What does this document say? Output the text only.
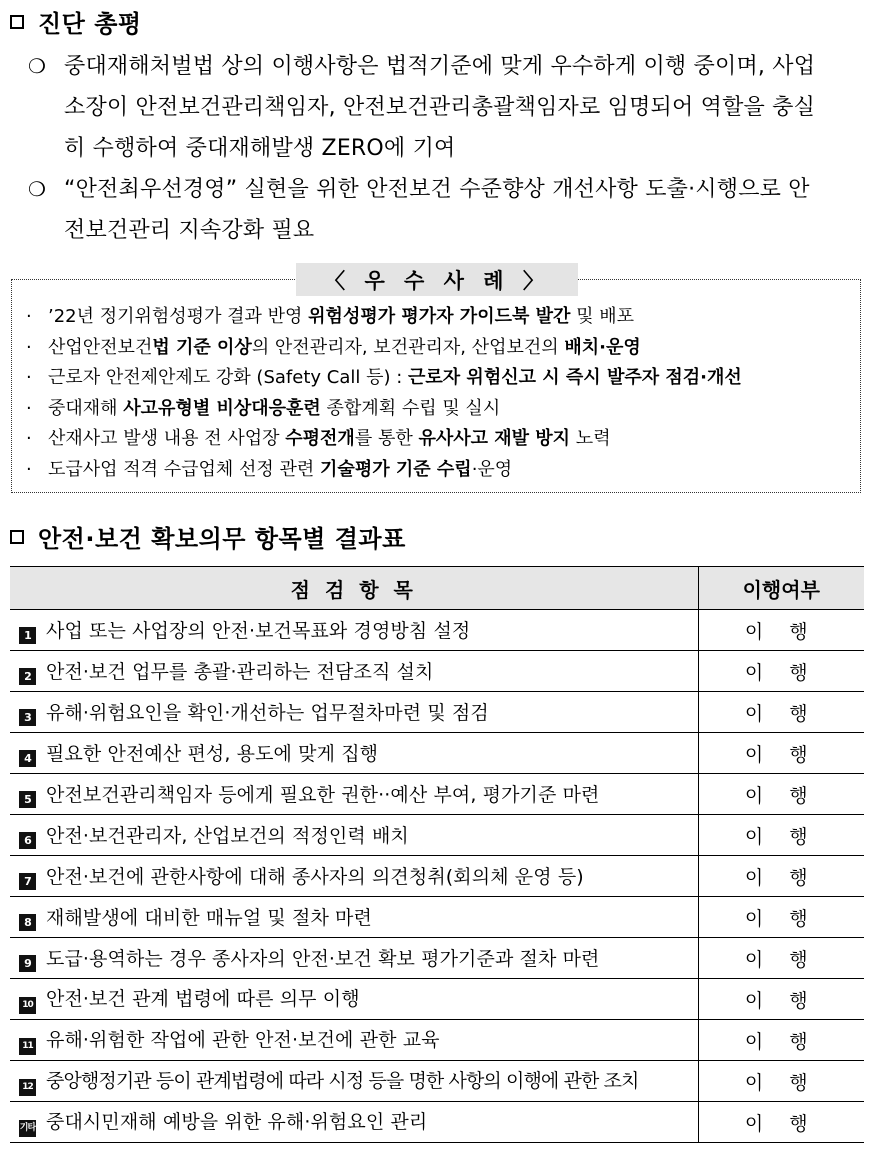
진단 총평
❍ 중대재해처벌법 상의 이행사항은 법적기준에 맞게 우수하게 이행 중이며, 사업
소장이 안전보건관리책임자, 안전보건관리총괄책임자로 임명되어 역할을 충실
히 수행하여 중대재해발생 ZERO에 기여
❍ “안전최우선경영” 실현을 위한 안전보건 수준향상 개선사항 도출·시행으로 안
전보건관리 지속강화 필요
〈 우 수 사 례 〉
· ’22년 정기위험성평가 결과 반영 위험성평가 평가자 가이드북 발간 및 배포
· 산업안전보건법 기준 이상의 안전관리자, 보건관리자, 산업보건의 배치·운영
· 근로자 안전제안제도 강화 (Safety Call 등) : 근로자 위험신고 시 즉시 발주자 점검·개선
· 중대재해 사고유형별 비상대응훈련 종합계획 수립 및 실시
· 산재사고 발생 내용 전 사업장 수평전개를 통한 유사사고 재발 방지 노력
· 도급사업 적격 수급업체 선정 관련 기술평가 기준 수립·운영
안전·보건 확보의무 항목별 결과표
점 검 항 목	이행여부
1 사업 또는 사업장의 안전·보건목표와 경영방침 설정	이 행
2 안전·보건 업무를 총괄·관리하는 전담조직 설치	이 행
3 유해·위험요인을 확인·개선하는 업무절차마련 및 점검	이 행
4 필요한 안전예산 편성, 용도에 맞게 집행	이 행
5 안전보건관리책임자 등에게 필요한 권한··예산 부여, 평가기준 마련	이 행
6 안전·보건관리자, 산업보건의 적정인력 배치	이 행
7 안전·보건에 관한사항에 대해 종사자의 의견청취(회의체 운영 등)	이 행
8 재해발생에 대비한 매뉴얼 및 절차 마련	이 행
9 도급·용역하는 경우 종사자의 안전·보건 확보 평가기준과 절차 마련	이 행
10 안전·보건 관계 법령에 따른 의무 이행	이 행
11 유해·위험한 작업에 관한 안전·보건에 관한 교육	이 행
12 중앙행정기관 등이 관계법령에 따라 시정 등을 명한 사항의 이행에 관한 조치	이 행
기타 중대시민재해 예방을 위한 유해·위험요인 관리	이 행
